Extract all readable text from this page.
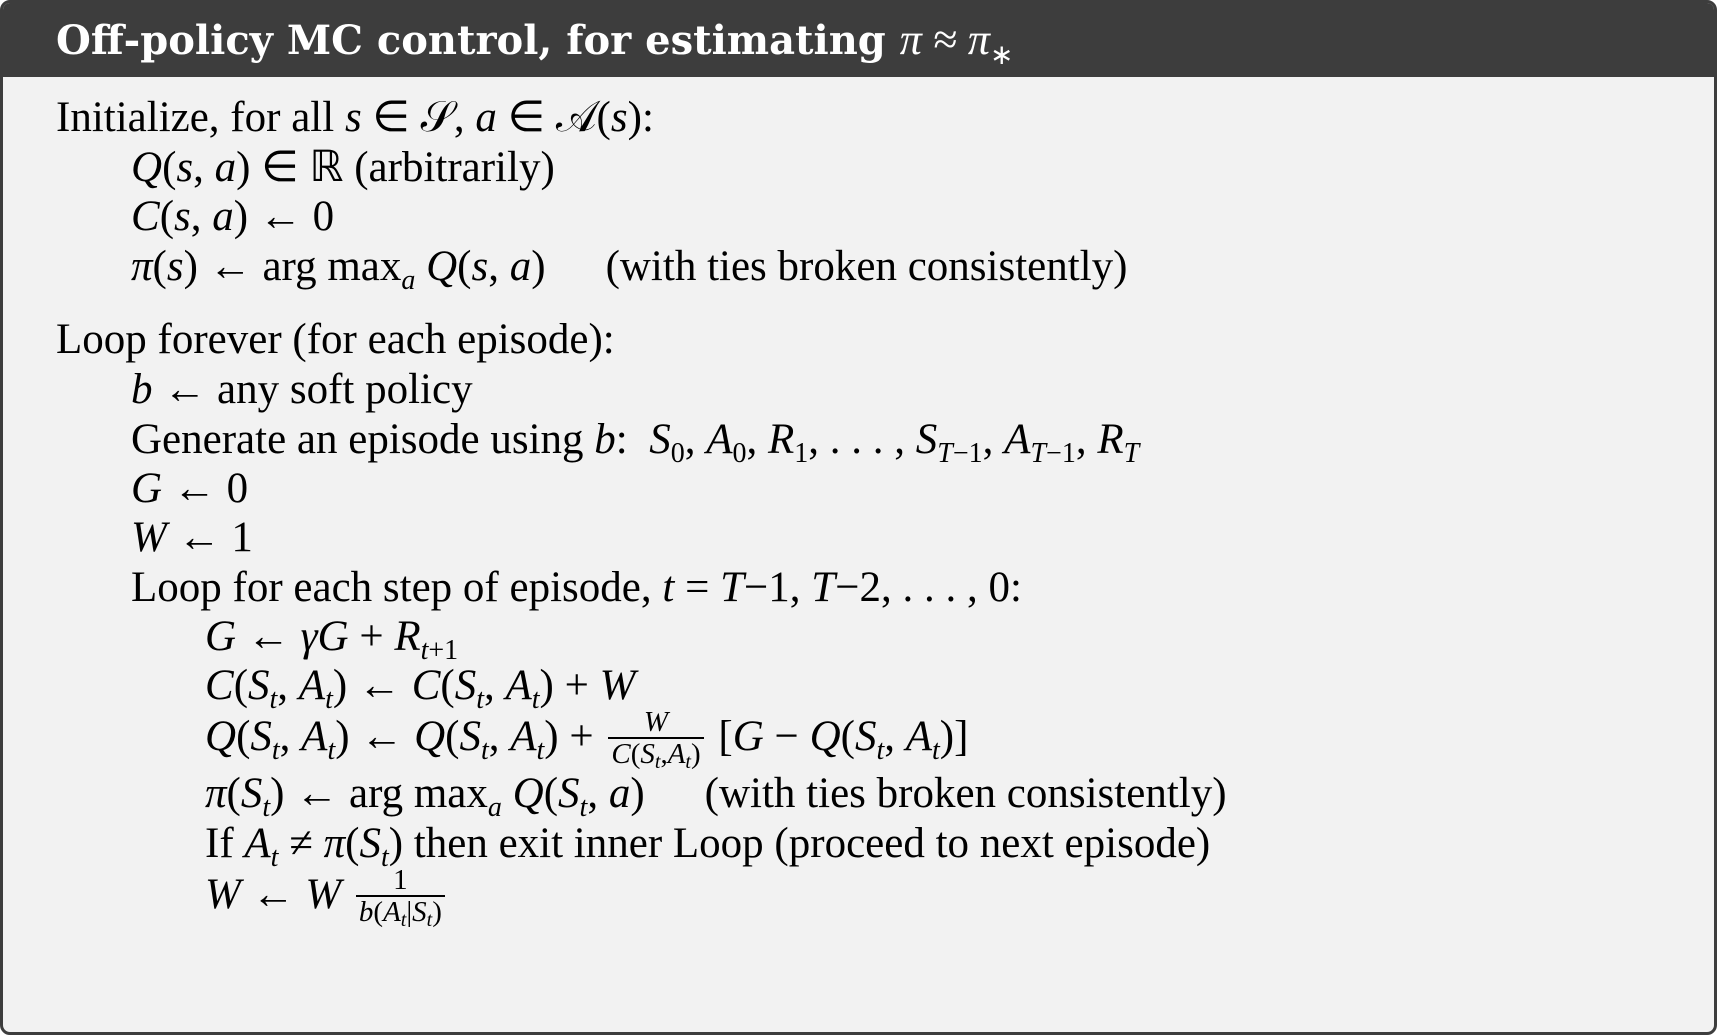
Off-policy MC control, for estimating $\pi \approx \pi_∗$
Initialize, for all s ∈ 𝒮, a ∈ 𝒜(s):
Q(s, a) ∈ ℝ (arbitrarily)
C(s, a) ← 0
π(s) ← arg $\max_a Q(s$, a) (with ties broken consistently)
Loop forever (for each episode):
b ← any soft policy
Generate an episode using b:  $S_0$, $A_0$, $R_1$, . . . , $S_{T-1}$, $A_{T-1}$, $R_T$
G ← 0
W ← 1
Loop for each step of episode, t = T−1, T−2, . . . , 0:
G ← $\gamma G + R_{t+1}$
$C(S_t$, $A_t$) ← $C(S_t$, $A_t) + W$
$Q(S_t$, $A_t$) ← $Q(S_t$, $A_t) + \frac{W}{C(S_t,A_t)} [G - Q(S_t$, $A_t$)]
$\pi(S_t)$ ← arg $\max_a Q(S_t$, a) (with ties broken consistently)
If $A_t \ne \pi(S_t)$ then exit inner Loop (proceed to next episode)
W ← W $\frac{1}{b(A_t|S_t)}$
